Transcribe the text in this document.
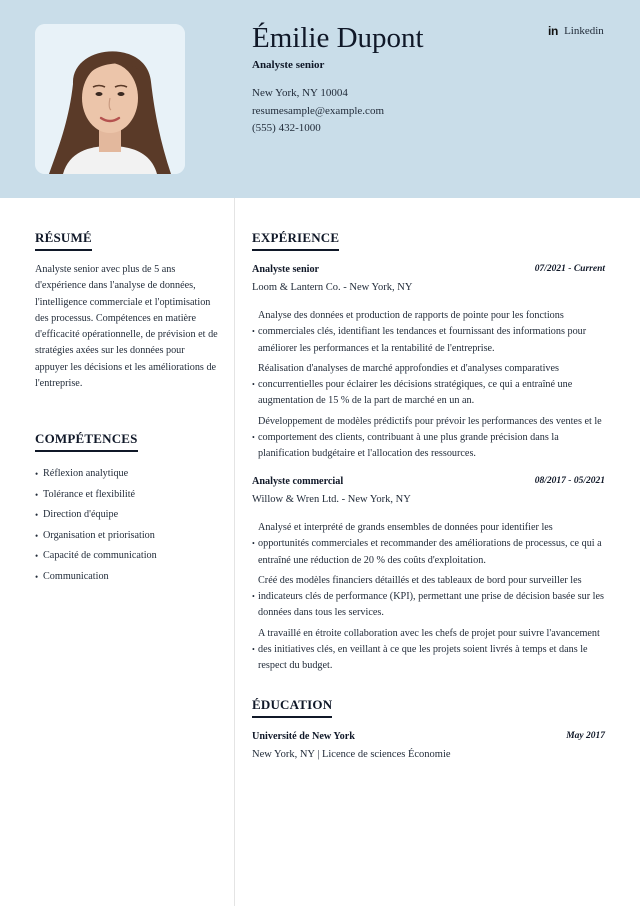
Émilie Dupont
Analyste senior
New York, NY 10004
resumesample@example.com
(555) 432-1000
in Linkedin
RÉSUMÉ

Analyste senior avec plus de 5 ans d'expérience dans l'analyse de données, l'intelligence commerciale et l'optimisation des processus. Compétences en matière d'efficacité opérationnelle, de prévision et de stratégies axées sur les données pour appuyer les décisions et les améliorations de l'entreprise.

COMPÉTENCES
• Réflexion analytique
• Tolérance et flexibilité
• Direction d'équipe
• Organisation et priorisation
• Capacité de communication
• Communication
EXPÉRIENCE
Analyste senior	07/2021 - Current
Loom & Lantern Co. - New York, NY
• Analyse des données et production de rapports de pointe pour les fonctions commerciales clés, identifiant les tendances et fournissant des informations pour améliorer les performances et la rentabilité de l'entreprise.
• Réalisation d'analyses de marché approfondies et d'analyses comparatives concurrentielles pour éclairer les décisions stratégiques, ce qui a entraîné une augmentation de 15 % de la part de marché en un an.
• Développement de modèles prédictifs pour prévoir les performances des ventes et le comportement des clients, contribuant à une plus grande précision dans la planification budgétaire et l'allocation des ressources.
Analyste commercial	08/2017 - 05/2021
Willow & Wren Ltd. - New York, NY
• Analysé et interprété de grands ensembles de données pour identifier les opportunités commerciales et recommander des améliorations de processus, ce qui a entraîné une réduction de 20 % des coûts d'exploitation.
• Créé des modèles financiers détaillés et des tableaux de bord pour surveiller les indicateurs clés de performance (KPI), permettant une prise de décision basée sur les données dans tous les services.
• A travaillé en étroite collaboration avec les chefs de projet pour suivre l'avancement des initiatives clés, en veillant à ce que les projets soient livrés à temps et dans le respect du budget.
ÉDUCATION
Université de New York	May 2017
New York, NY | Licence de sciences Économie
